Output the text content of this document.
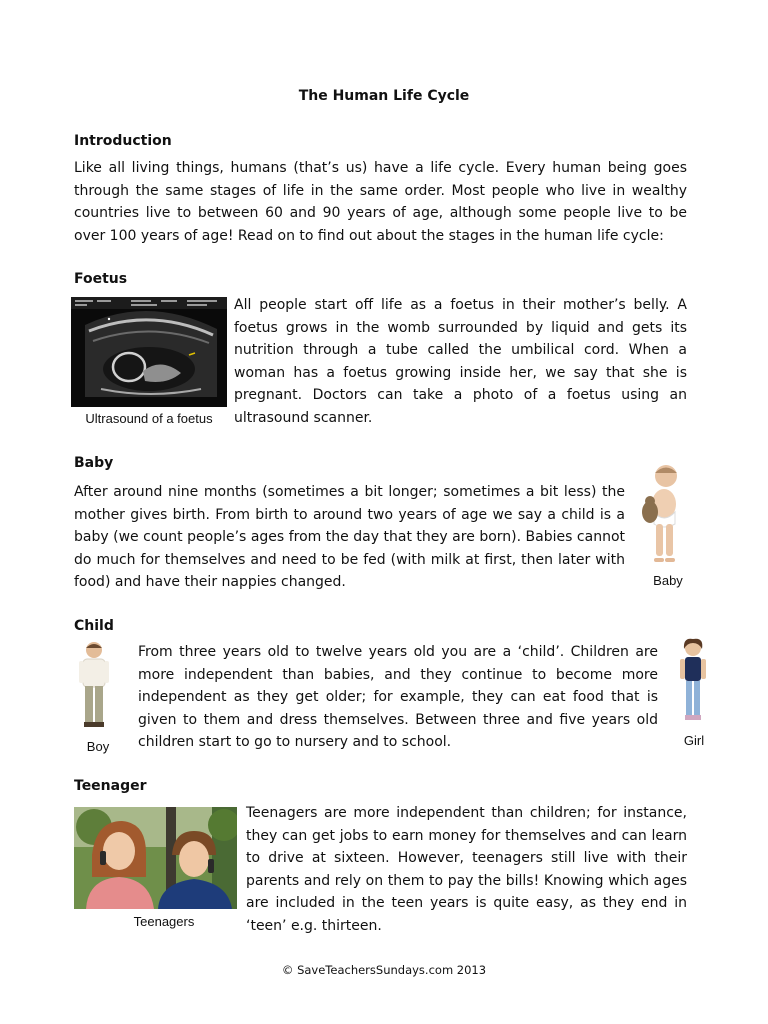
The Human Life Cycle
Introduction

Like all living things, humans (that’s us) have a life cycle. Every human being goes through the same stages of life in the same order. Most people who live in wealthy countries live to between 60 and 90 years of age, although some people live to be over 100 years of age! Read on to find out about the stages in the human life cycle:

Foetus
Ultrasound of a foetus

All people start off life as a foetus in their mother’s belly. A foetus grows in the womb surrounded by liquid and gets its nutrition through a tube called the umbilical cord. When a woman has a foetus growing inside her, we say that she is pregnant. Doctors can take a photo of a foetus using an ultrasound scanner.

Baby

After around nine months (sometimes a bit longer; sometimes a bit less) the mother gives birth. From birth to around two years of age we say a child is a baby (we count people’s ages from the day that they are born). Babies cannot do much for themselves and need to be fed (with milk at first, then later with food) and have their nappies changed.	Baby
Child
Boy

From three years old to twelve years old you are a ‘child’. Children are more independent than babies, and they continue to become more independent as they get older; for example, they can eat food that is given to them and dress themselves. Between three and five years old children start to go to nursery and to school.	Girl
Teenager
Teenagers

Teenagers are more independent than children; for instance, they can get jobs to earn money for themselves and can learn to drive at sixteen. However, teenagers still live with their parents and rely on them to pay the bills! Knowing which ages are included in the teen years is quite easy, as they end in ‘teen’ e.g. thirteen.

© SaveTeachersSundays.com 2013
